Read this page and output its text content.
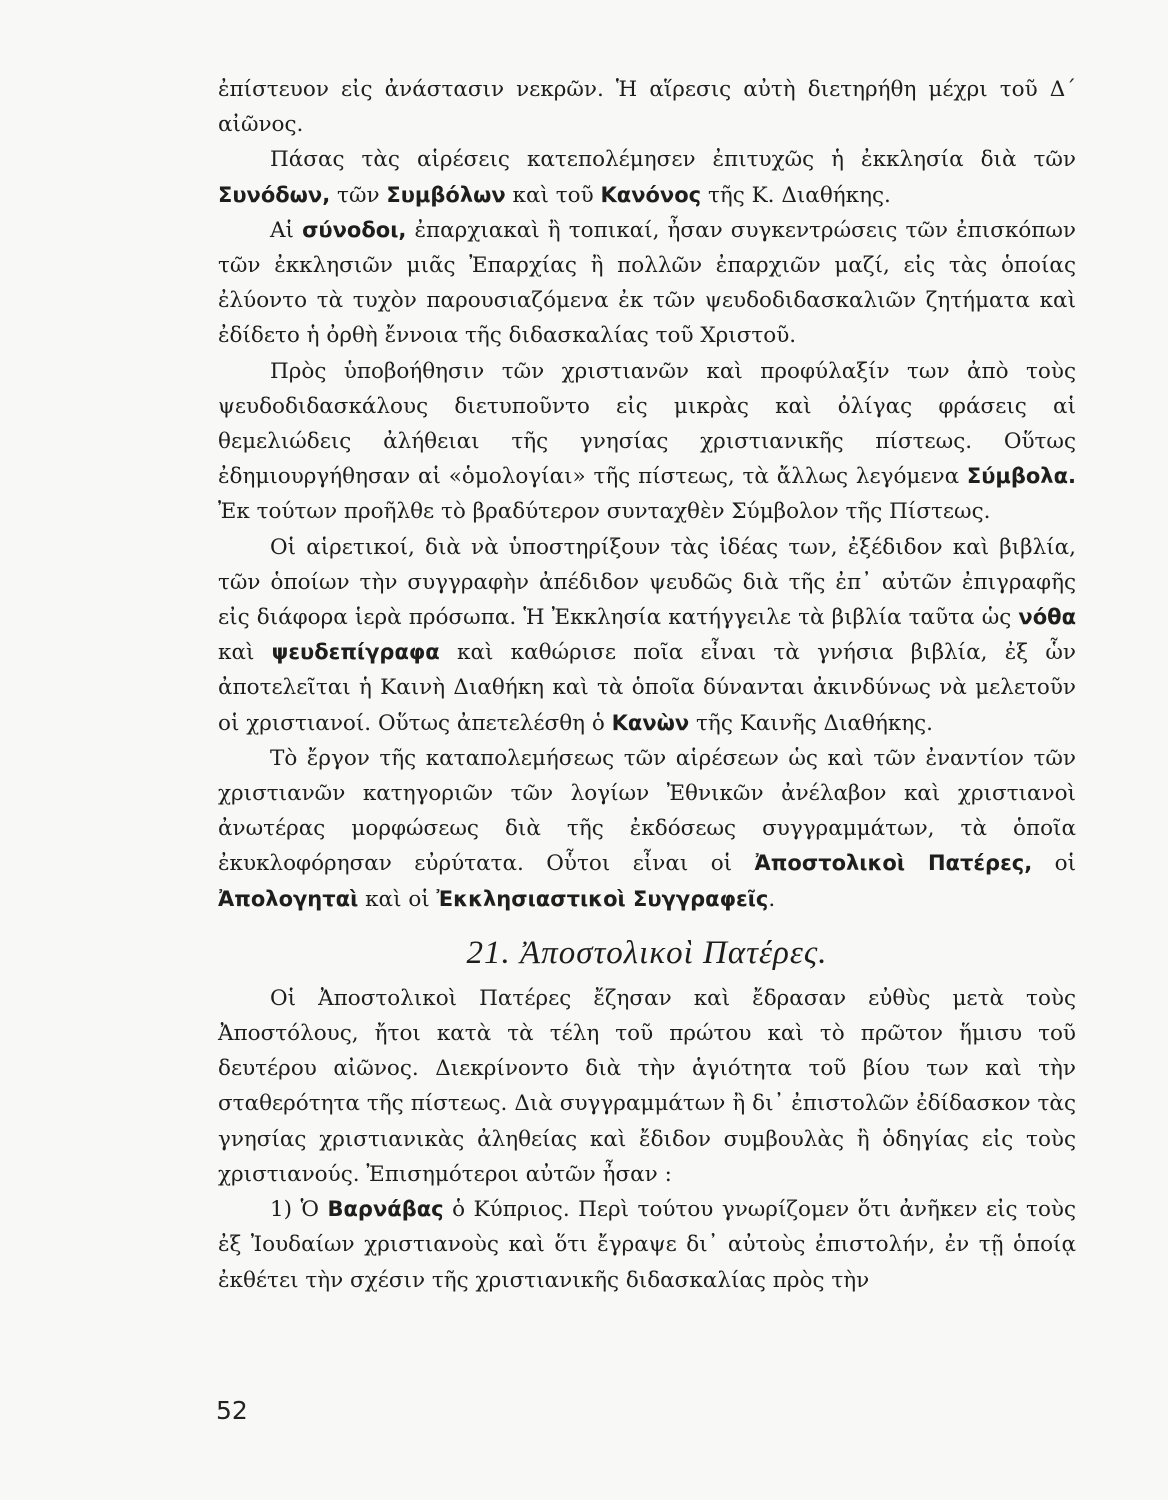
ἐπίστευον εἰς ἀνάστασιν νεκρῶν. Ἡ αἵρεσις αὐτὴ διετηρήθη μέχρι τοῦ Δ΄ αἰῶνος.

Πάσας τὰς αἱρέσεις κατεπολέμησεν ἐπιτυχῶς ἡ ἐκκλησία διὰ τῶν Συνόδων, τῶν Συμβόλων καὶ τοῦ Κανόνος τῆς Κ. Διαθήκης.

Αἱ σύνοδοι, ἐπαρχιακαὶ ἢ τοπικαί, ἦσαν συγκεντρώσεις τῶν ἐπισκόπων τῶν ἐκκλησιῶν μιᾶς Ἐπαρχίας ἢ πολλῶν ἐπαρχιῶν μαζί, εἰς τὰς ὁποίας ἐλύοντο τὰ τυχὸν παρουσιαζόμενα ἐκ τῶν ψευδοδιδασκαλιῶν ζητήματα καὶ ἐδίδετο ἡ ὀρθὴ ἔννοια τῆς διδασκαλίας τοῦ Χριστοῦ.

Πρὸς ὑποβοήθησιν τῶν χριστιανῶν καὶ προφύλαξίν των ἀπὸ τοὺς ψευδοδιδασκάλους διετυποῦντο εἰς μικρὰς καὶ ὀλίγας φράσεις αἱ θεμελιώδεις ἀλήθειαι τῆς γνησίας χριστιανικῆς πίστεως. Οὕτως ἐδημιουργήθησαν αἱ «ὁμολογίαι» τῆς πίστεως, τὰ ἄλλως λεγόμενα Σύμβολα. Ἐκ τούτων προῆλθε τὸ βραδύτερον συνταχθὲν Σύμβολον τῆς Πίστεως.

Οἱ αἱρετικοί, διὰ νὰ ὑποστηρίξουν τὰς ἰδέας των, ἐξέδιδον καὶ βιβλία, τῶν ὁποίων τὴν συγγραφὴν ἀπέδιδον ψευδῶς διὰ τῆς ἐπ᾿ αὐτῶν ἐπιγραφῆς εἰς διάφορα ἱερὰ πρόσωπα. Ἡ Ἐκκλησία κατήγγειλε τὰ βιβλία ταῦτα ὡς νόθα καὶ ψευδεπίγραφα καὶ καθώρισε ποῖα εἶναι τὰ γνήσια βιβλία, ἐξ ὧν ἀποτελεῖται ἡ Καινὴ Διαθήκη καὶ τὰ ὁποῖα δύνανται ἀκινδύνως νὰ μελετοῦν οἱ χριστιανοί. Οὕτως ἀπετελέσθη ὁ Κανὼν τῆς Καινῆς Διαθήκης.

Τὸ ἔργον τῆς καταπολεμήσεως τῶν αἱρέσεων ὡς καὶ τῶν ἐναντίον τῶν χριστιανῶν κατηγοριῶν τῶν λογίων Ἐθνικῶν ἀνέλαβον καὶ χριστιανοὶ ἀνωτέρας μορφώσεως διὰ τῆς ἐκδόσεως συγγραμμάτων, τὰ ὁποῖα ἐκυκλοφόρησαν εὐρύτατα. Οὗτοι εἶναι οἱ Ἀποστολικοὶ Πατέρες, οἱ Ἀπολογηταὶ καὶ οἱ Ἐκκλησιαστικοὶ Συγγραφεῖς.

21. Ἀποστολικοὶ Πατέρες.

Οἱ Ἀποστολικοὶ Πατέρες ἔζησαν καὶ ἔδρασαν εὐθὺς μετὰ τοὺς Ἀποστόλους, ἤτοι κατὰ τὰ τέλη τοῦ πρώτου καὶ τὸ πρῶτον ἥμισυ τοῦ δευτέρου αἰῶνος. Διεκρίνοντο διὰ τὴν ἁγιότητα τοῦ βίου των καὶ τὴν σταθερότητα τῆς πίστεως. Διὰ συγγραμμάτων ἢ δι᾿ ἐπιστολῶν ἐδίδασκον τὰς γνησίας χριστιανικὰς ἀληθείας καὶ ἔδιδον συμβουλὰς ἢ ὁδηγίας εἰς τοὺς χριστιανούς. Ἐπισημότεροι αὐτῶν ἦσαν :

1) Ὁ Βαρνάβας ὁ Κύπριος. Περὶ τούτου γνωρίζομεν ὅτι ἀνῆκεν εἰς τοὺς ἐξ Ἰουδαίων χριστιανοὺς καὶ ὅτι ἔγραψε δι᾿ αὐτοὺς ἐπιστολήν, ἐν τῇ ὁποίᾳ ἐκθέτει τὴν σχέσιν τῆς χριστιανικῆς διδασκαλίας πρὸς τὴν

52
